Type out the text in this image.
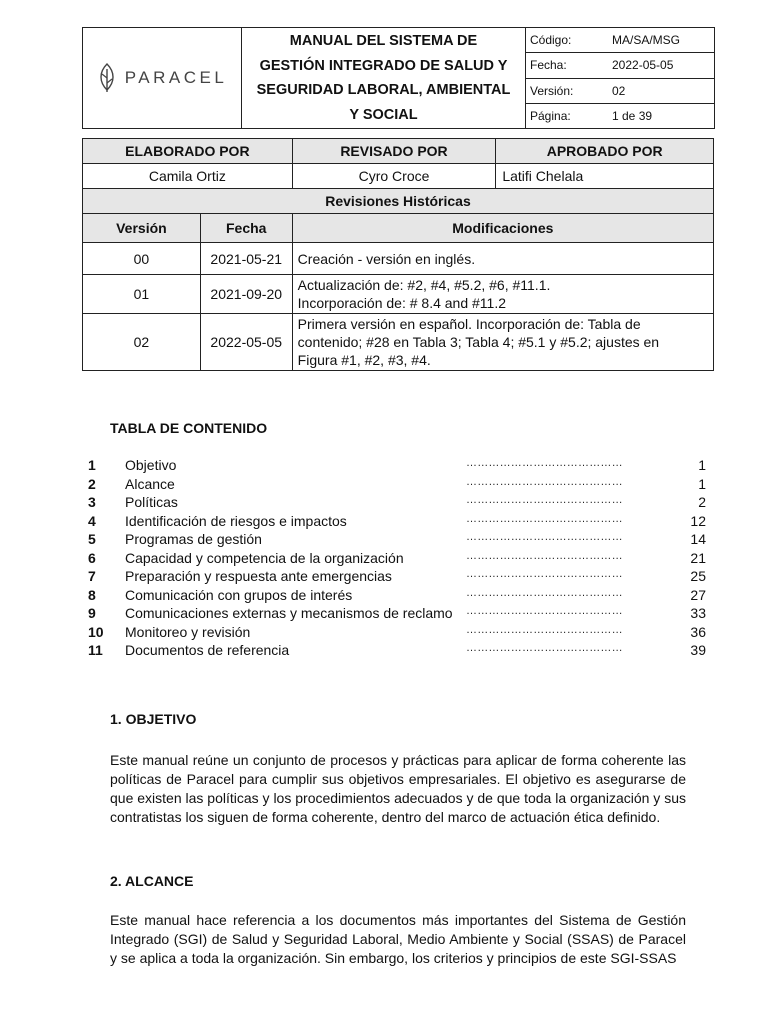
PARACEL

MANUAL DEL SISTEMA DE
GESTIÓN INTEGRADO DE SALUD Y
SEGURIDAD LABORAL, AMBIENTAL
Y SOCIAL

Código:	MA/SA/MSG

Fecha:	2022-05-05

Versión:	02

Página:	1 de 39
ELABORADO POR		REVISADO POR	APROBADO POR
Camila Ortiz		Cyro Croce	Latifi Chelala
Revisiones Históricas			
Versión	Fecha	Modificaciones	
00	2021-05-21	Creación - versión en inglés.	

01	2021-09-20	Actualización de: #2, #4, #5.2, #6, #11.1.
Incorporación de: # 8.4 and #11.2	

02	2022-05-05	Primera versión en español. Incorporación de: Tabla de
contenido; #28 en Tabla 3; Tabla 4; #5.1 y #5.2; ajustes en
Figura #1, #2, #3, #4.	
TABLA DE CONTENIDO
1 Objetivo	……………………………………	1
2 Alcance	……………………………………	1
3 Políticas	……………………………………	2
4 Identificación de riesgos e impactos	……………………………………	12
5 Programas de gestión	……………………………………	14
6 Capacidad y competencia de la organización	……………………………………	21
7 Preparación y respuesta ante emergencias	……………………………………	25
8 Comunicación con grupos de interés	……………………………………	27
9 Comunicaciones externas y mecanismos de reclamo ……………………………………	33
10 Monitoreo y revisión	……………………………………	36
11 Documentos de referencia	……………………………………	39
1. OBJETIVO
Este manual reúne un conjunto de procesos y prácticas para aplicar de forma coherente las políticas de Paracel para cumplir sus objetivos empresariales. El objetivo es asegurarse de que existen las políticas y los procedimientos adecuados y de que toda la organización y sus contratistas los siguen de forma coherente, dentro del marco de actuación ética definido.
2. ALCANCE
Este manual hace referencia a los documentos más importantes del Sistema de Gestión Integrado (SGI) de Salud y Seguridad Laboral, Medio Ambiente y Social (SSAS) de Paracel y se aplica a toda la organización. Sin embargo, los criterios y principios de este SGI-SSAS
